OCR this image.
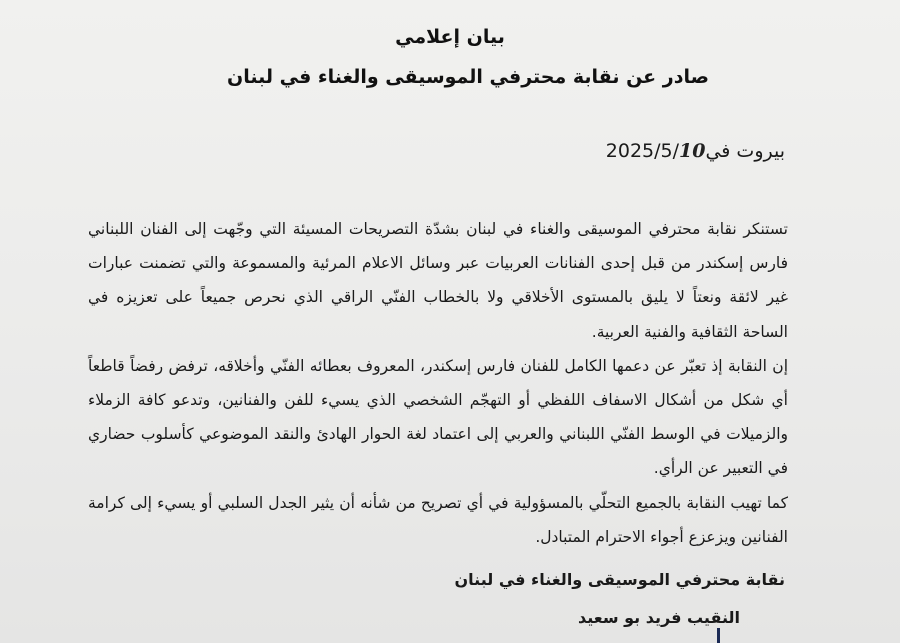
بيان إعلامي
صادر عن نقابة محترفي الموسيقى والغناء في لبنان
بيروت في2025/5/10

تستنكر نقابة محترفي الموسيقى والغناء في لبنان بشدّة التصريحات المسيئة التي وجّهت إلى الفنان اللبناني فارس إسكندر من قبل إحدى الفنانات العربيات عبر وسائل الاعلام المرئية والمسموعة والتي تضمنت عبارات غير لائقة ونعتاً لا يليق بالمستوى الأخلاقي ولا بالخطاب الفنّي الراقي الذي نحرص جميعاً على تعزيزه في الساحة الثقافية والفنية العربية.

إن النقابة إذ تعبّر عن دعمها الكامل للفنان فارس إسكندر، المعروف بعطائه الفنّي وأخلاقه، ترفض رفضاً قاطعاً أي شكل من أشكال الاسفاف اللفظي أو التهجّم الشخصي الذي يسيء للفن والفنانين، وتدعو كافة الزملاء والزميلات في الوسط الفنّي اللبناني والعربي إلى اعتماد لغة الحوار الهادئ والنقد الموضوعي كأسلوب حضاري في التعبير عن الرأي.

كما تهيب النقابة بالجميع التحلّي بالمسؤولية في أي تصريح من شأنه أن يثير الجدل السلبي أو يسيء إلى كرامة الفنانين ويزعزع أجواء الاحترام المتبادل.

نقابة محترفي الموسيقى والغناء في لبنان
النقيب فريد بو سعيد
